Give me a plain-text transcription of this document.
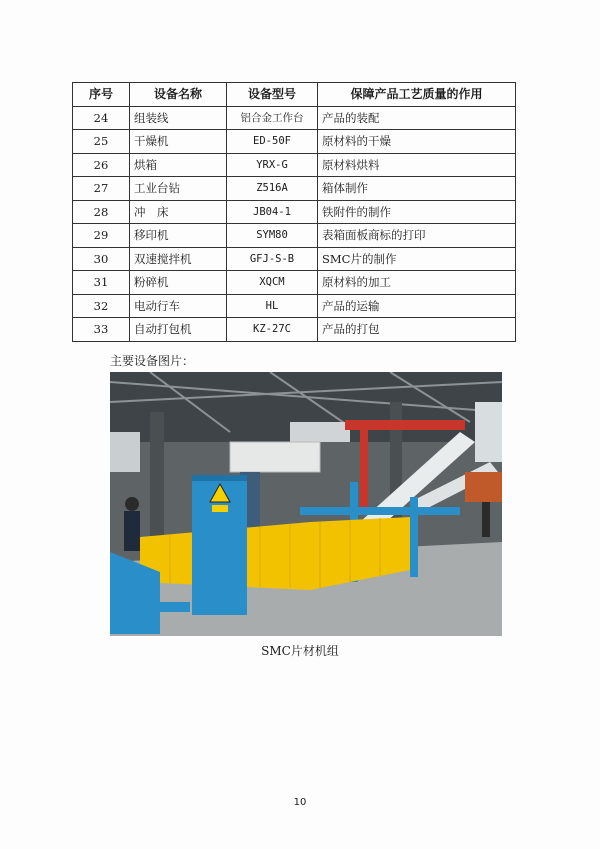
序号	设备名称	设备型号	保障产品工艺质量的作用
24	组装线	铝合金工作台	产品的装配
25	干燥机	ED-50F	原材料的干燥
26	烘箱	YRX-G	原材料烘料
27	工业台钻	Z516A	箱体制作
28	冲　床	JB04-1	铁附件的制作
29	移印机	SYM80	表箱面板商标的打印
30	双速搅拌机	GFJ-S-B	SMC片的制作
31	粉碎机	XQCM	原材料的加工
32	电动行车	HL	产品的运输
33	自动打包机	KZ-27C	产品的打包
主要设备图片：
SMC片材机组
10
